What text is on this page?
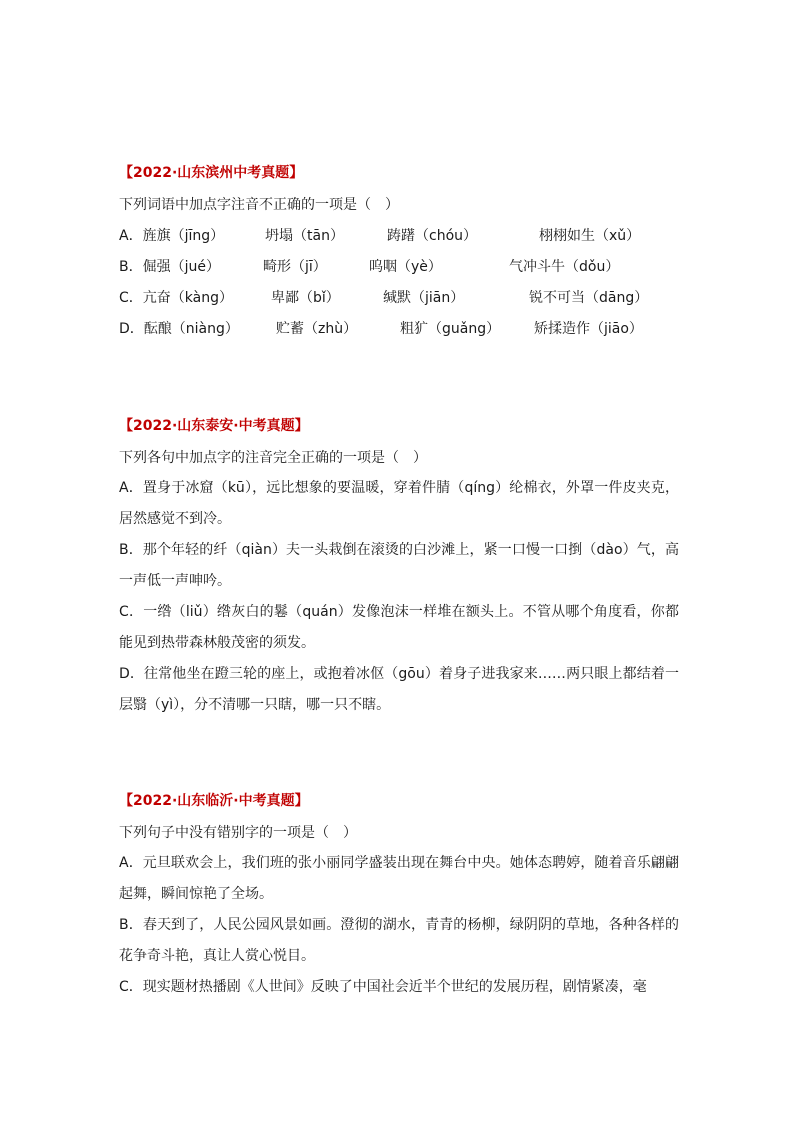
【2022·山东滨州中考真题】
下列词语中加点字注音不正确的一项是（　）
A．旌旗（jīng）	坍塌（tān）	踌躇（chóu）	栩栩如生（xǔ）
B．倔强（jué）	畸形（jī）	呜咽（yè）	气冲斗牛（dǒu）
C．亢奋（kàng）	卑鄙（bǐ）	缄默（jiān）	锐不可当（dāng）
D．酝酿（niàng）	贮蓄（zhù）	粗犷（guǎng） 矫揉造作（jiāo）
【2022·山东泰安·中考真题】
下列各句中加点字的注音完全正确的一项是（　）
A．置身于冰窟（kū），远比想象的要温暖，穿着件腈（qíng）纶棉衣，外罩一件皮夹克，居然感觉不到冷。
B．那个年轻的纤（qiàn）夫一头栽倒在滚烫的白沙滩上，紧一口慢一口捯（dào）气，高一声低一声呻吟。
C．一绺（liǔ）绺灰白的鬈（quán）发像泡沫一样堆在额头上。不管从哪个角度看，你都能见到热带森林般茂密的须发。
D．往常他坐在蹬三轮的座上，或抱着冰伛（gōu）着身子进我家来……两只眼上都结着一层翳（yì），分不清哪一只瞎，哪一只不瞎。
【2022·山东临沂·中考真题】
下列句子中没有错别字的一项是（　）
A．元旦联欢会上，我们班的张小丽同学盛装出现在舞台中央。她体态聘婷，随着音乐翩翩起舞，瞬间惊艳了全场。
B．春天到了，人民公园风景如画。澄彻的湖水，青青的杨柳，绿阴阴的草地，各种各样的花争奇斗艳，真让人赏心悦目。
C．现实题材热播剧《人世间》反映了中国社会近半个世纪的发展历程，剧情紧凑，毫
